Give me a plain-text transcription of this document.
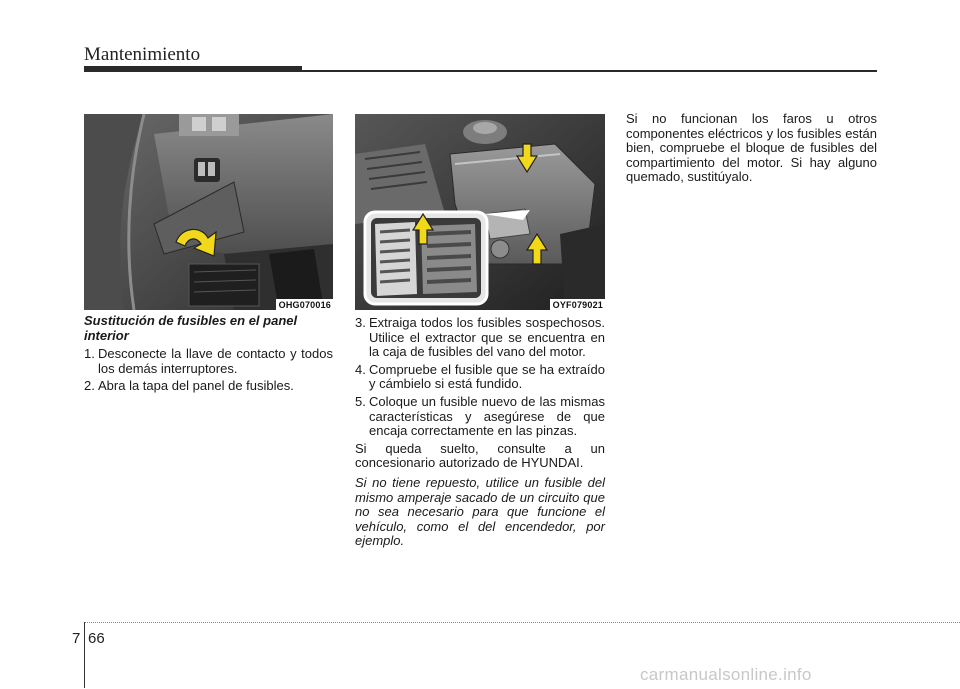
Mantenimiento
OHG070016	OYF079021
Sustitución de fusibles en el panel
interior
1. Desconecte la llave de contacto y todos los demás interruptores.
2. Abra la tapa del panel de fusibles.
3. Extraiga todos los fusibles sospechosos. Utilice el extractor que se encuentra en la caja de fusibles del vano del motor.
4. Compruebe el fusible que se ha extraído y cámbielo si está fundido.
5. Coloque un fusible nuevo de las mismas características y asegúrese de que encaja correctamente en las pinzas.

Si queda suelto, consulte a un concesionario autorizado de HYUNDAI.

Si no tiene repuesto, utilice un fusible del mismo amperaje sacado de un circuito que no sea necesario para que funcione el vehículo, como el del encendedor, por ejemplo.

Si no funcionan los faros u otros componentes eléctricos y los fusibles están bien, compruebe el bloque de fusibles del compartimiento del motor. Si hay alguno quemado, sustitúyalo.

7 66
carmanualsonline.info
